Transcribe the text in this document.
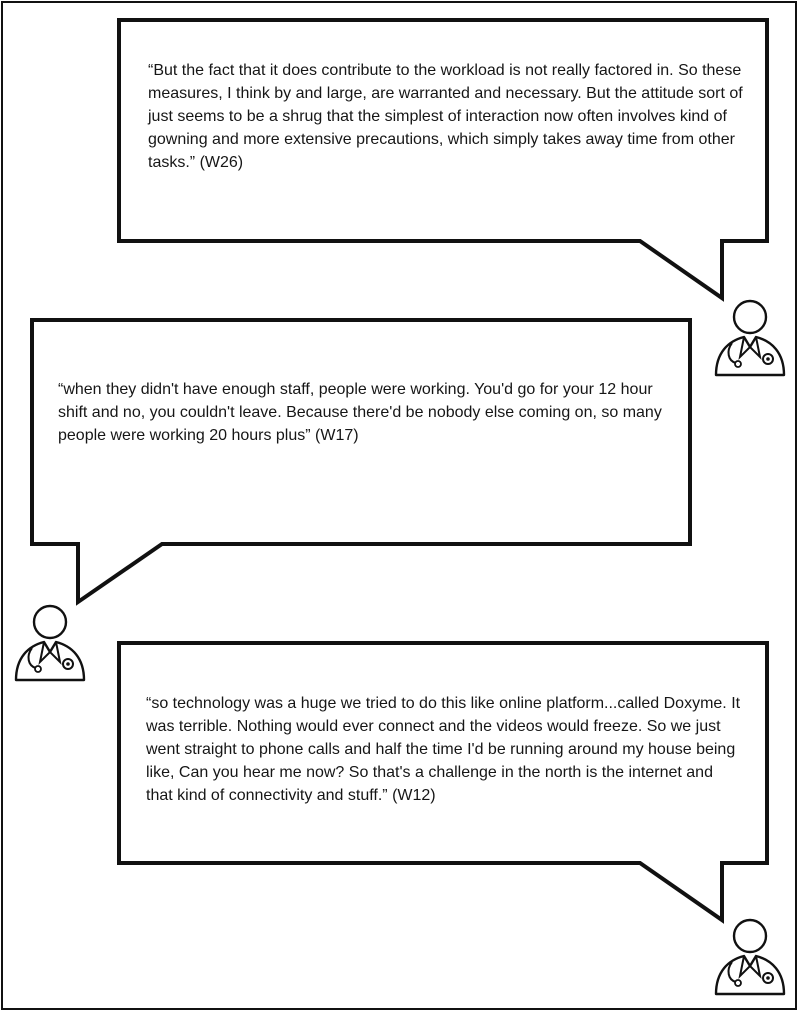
“But the fact that it does contribute to the workload is not really factored in. So these measures, I think by and large, are warranted and necessary. But the attitude sort of just seems to be a shrug that the simplest of interaction now often involves kind of gowning and more extensive precautions, which simply takes away time from other tasks.” (W26)

“when they didn't have enough staff, people were working. You'd go for your 12 hour shift and no, you couldn't leave. Because there'd be nobody else coming on, so many people were working 20 hours plus” (W17)

“so technology was a huge we tried to do this like online platform...called Doxyme. It was terrible. Nothing would ever connect and the videos would freeze. So we just went straight to phone calls and half the time I'd be running around my house being like, Can you hear me now? So that's a challenge in the north is the internet and that kind of connectivity and stuff.” (W12)
